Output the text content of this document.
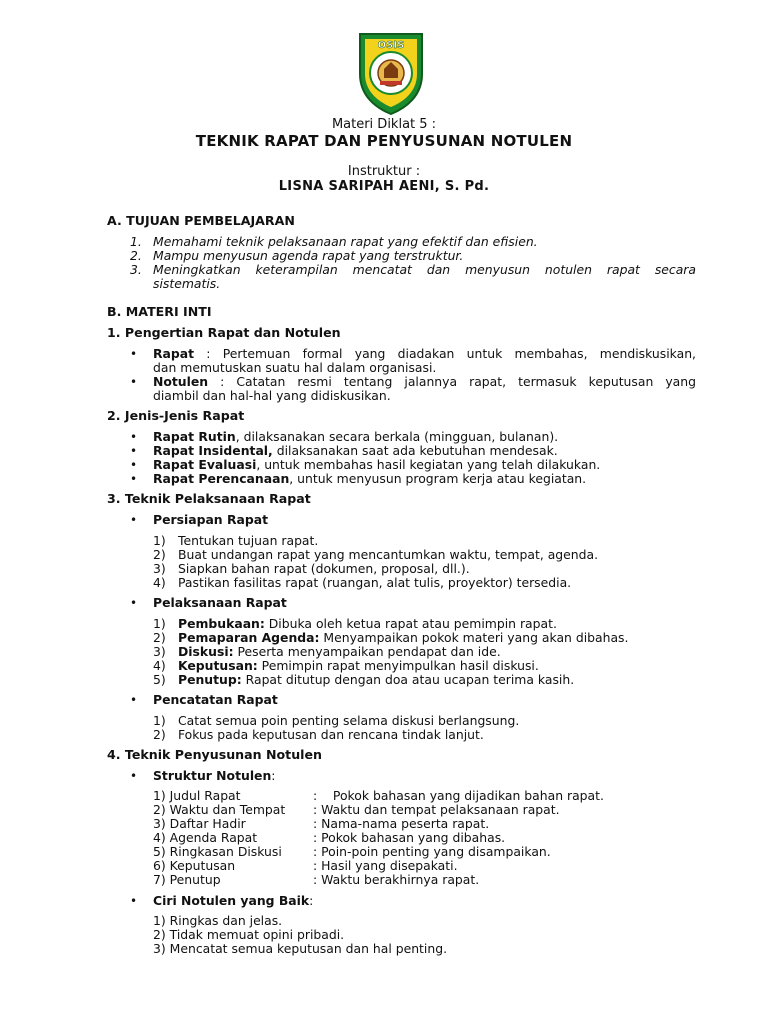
OSIS
Materi Diklat 5 :
TEKNIK RAPAT DAN PENYUSUNAN NOTULEN
Instruktur :
LISNA SARIPAH AENI, S. Pd.
A. TUJUAN PEMBELAJARAN
1. Memahami teknik pelaksanaan rapat yang efektif dan efisien.
2. Mampu menyusun agenda rapat yang terstruktur.
3. Meningkatkan keterampilan mencatat dan menyusun notulen rapat secara
sistematis.
B. MATERI INTI
1. Pengertian Rapat dan Notulen
• Rapat : Pertemuan formal yang diadakan untuk membahas, mendiskusikan,
dan memutuskan suatu hal dalam organisasi.
• Notulen : Catatan resmi tentang jalannya rapat, termasuk keputusan yang
diambil dan hal-hal yang didiskusikan.
2. Jenis-Jenis Rapat
• Rapat Rutin, dilaksanakan secara berkala (mingguan, bulanan).
• Rapat Insidental, dilaksanakan saat ada kebutuhan mendesak.
• Rapat Evaluasi, untuk membahas hasil kegiatan yang telah dilakukan.
• Rapat Perencanaan, untuk menyusun program kerja atau kegiatan.
3. Teknik Pelaksanaan Rapat
• Persiapan Rapat
1) Tentukan tujuan rapat.
2) Buat undangan rapat yang mencantumkan waktu, tempat, agenda.
3) Siapkan bahan rapat (dokumen, proposal, dll.).
4) Pastikan fasilitas rapat (ruangan, alat tulis, proyektor) tersedia.
• Pelaksanaan Rapat
1) Pembukaan: Dibuka oleh ketua rapat atau pemimpin rapat.
2) Pemaparan Agenda: Menyampaikan pokok materi yang akan dibahas.
3) Diskusi: Peserta menyampaikan pendapat dan ide.
4) Keputusan: Pemimpin rapat menyimpulkan hasil diskusi.
5) Penutup: Rapat ditutup dengan doa atau ucapan terima kasih.
• Pencatatan Rapat
1) Catat semua poin penting selama diskusi berlangsung.
2) Fokus pada keputusan dan rencana tindak lanjut.
4. Teknik Penyusunan Notulen
• Struktur Notulen:
1) Judul Rapat	:    Pokok bahasan yang dijadikan bahan rapat.
2) Waktu dan Tempat : Waktu dan tempat pelaksanaan rapat.
3) Daftar Hadir	: Nama-nama peserta rapat.
4) Agenda Rapat	: Pokok bahasan yang dibahas.
5) Ringkasan Diskusi	: Poin-poin penting yang disampaikan.
6) Keputusan	: Hasil yang disepakati.
7) Penutup	: Waktu berakhirnya rapat.
• Ciri Notulen yang Baik:
1) Ringkas dan jelas.
2) Tidak memuat opini pribadi.
3) Mencatat semua keputusan dan hal penting.
